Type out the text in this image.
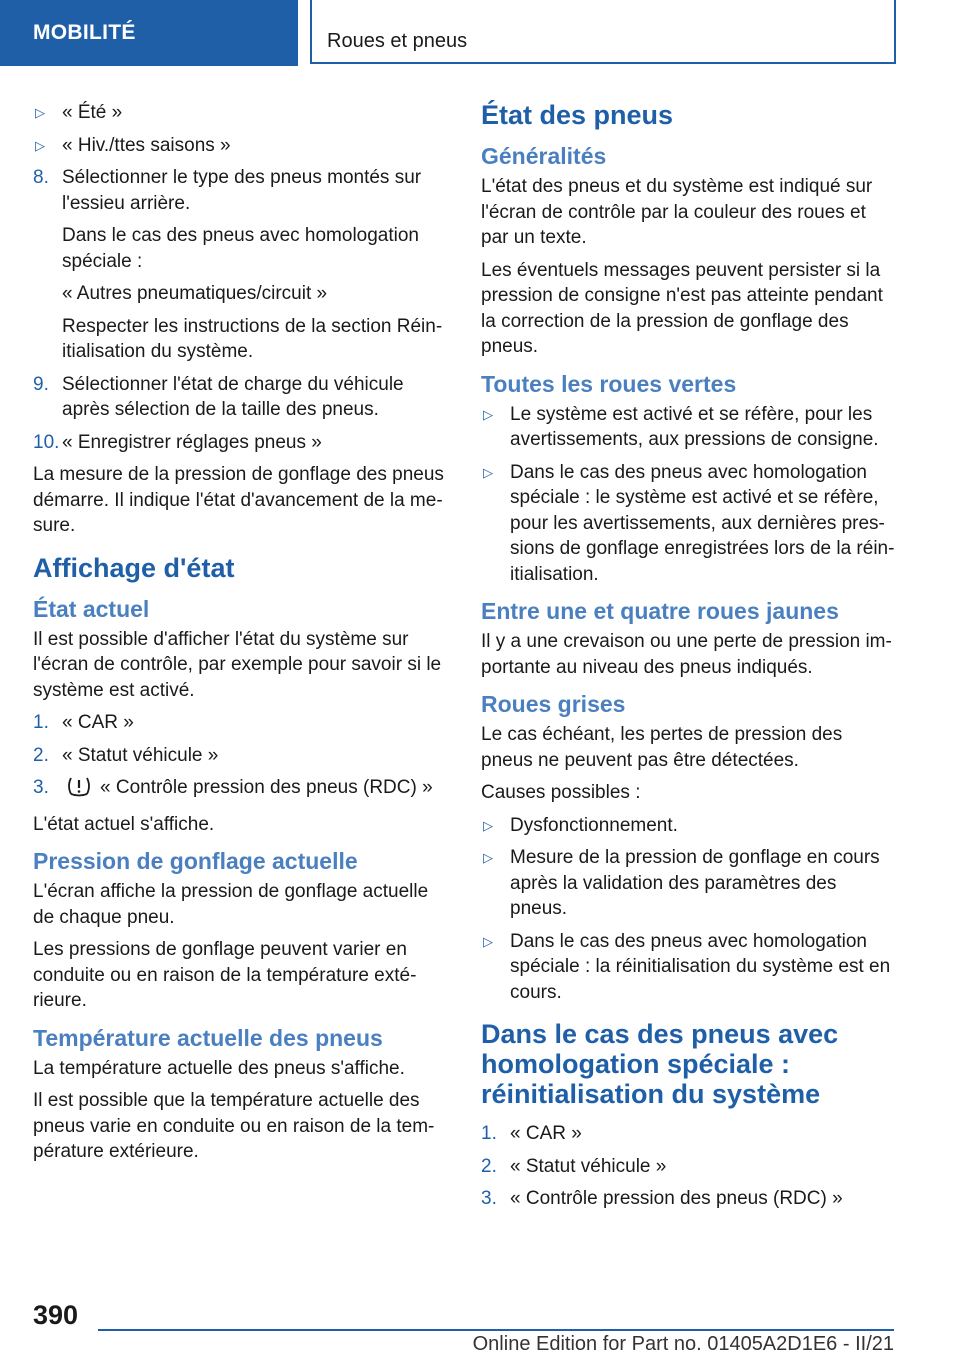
MOBILITÉ	Roues et pneus
▷ « Été »
▷ « Hiv./ttes saisons »
8. Sélectionner le type des pneus montés sur l'essieu arrière.

Dans le cas des pneus avec homologation spéciale :

« Autres pneumatiques/circuit »

Respecter les instructions de la section Réin-itialisation du système.

9. Sélectionner l'état de charge du véhicule après sélection de la taille des pneus.
10. « Enregistrer réglages pneus »

La mesure de la pression de gonflage des pneus démarre. Il indique l'état d'avancement de la me-sure.

Affichage d'état
État actuel

Il est possible d'afficher l'état du système sur l'écran de contrôle, par exemple pour savoir si le système est activé.

1. « CAR »
2. « Statut véhicule »
3.	« Contrôle pression des pneus (RDC) »

L'état actuel s'affiche.

Pression de gonflage actuelle

L'écran affiche la pression de gonflage actuelle de chaque pneu.

Les pressions de gonflage peuvent varier en conduite ou en raison de la température exté-rieure.

Température actuelle des pneus

La température actuelle des pneus s'affiche.

Il est possible que la température actuelle des pneus varie en conduite ou en raison de la tem-pérature extérieure.

État des pneus
Généralités

L'état des pneus et du système est indiqué sur l'écran de contrôle par la couleur des roues et par un texte.

Les éventuels messages peuvent persister si la pression de consigne n'est pas atteinte pendant la correction de la pression de gonflage des pneus.

Toutes les roues vertes
▷ Le système est activé et se réfère, pour les avertissements, aux pressions de consigne.
▷ Dans le cas des pneus avec homologation spéciale : le système est activé et se réfère, pour les avertissements, aux dernières pres-sions de gonflage enregistrées lors de la réin-itialisation.
Entre une et quatre roues jaunes

Il y a une crevaison ou une perte de pression im-portante au niveau des pneus indiqués.

Roues grises

Le cas échéant, les pertes de pression des pneus ne peuvent pas être détectées.

Causes possibles :

▷ Dysfonctionnement.
▷ Mesure de la pression de gonflage en cours après la validation des paramètres des pneus.
▷ Dans le cas des pneus avec homologation spéciale : la réinitialisation du système est en cours.
Dans le cas des pneus avec homologation spéciale : réinitialisation du système
1. « CAR »
2. « Statut véhicule »
3. « Contrôle pression des pneus (RDC) »
390
Online Edition for Part no. 01405A2D1E6 - II/21
